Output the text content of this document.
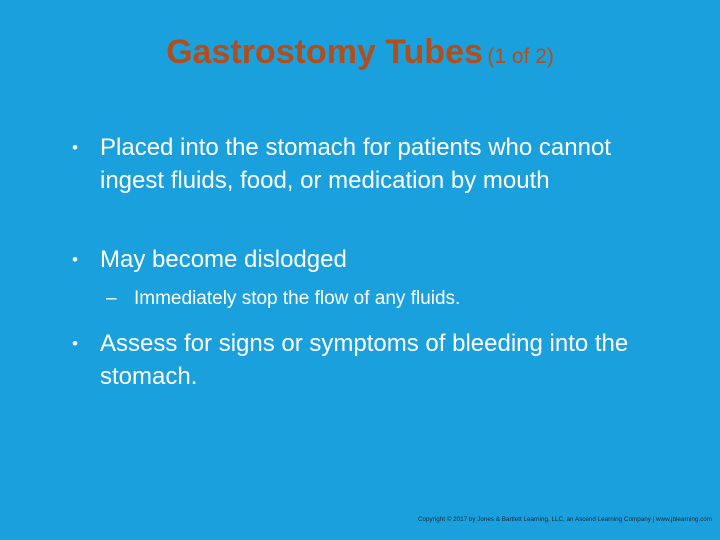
Gastrostomy Tubes (1 of 2)
• Placed into the stomach for patients who cannot ingest fluids, food, or medication by mouth
• May become dislodged
– Immediately stop the flow of any fluids.
• Assess for signs or symptoms of bleeding into the stomach.
Copyright © 2017 by Jones & Bartlett Learning, LLC, an Ascend Learning Company | www.jblearning.com
